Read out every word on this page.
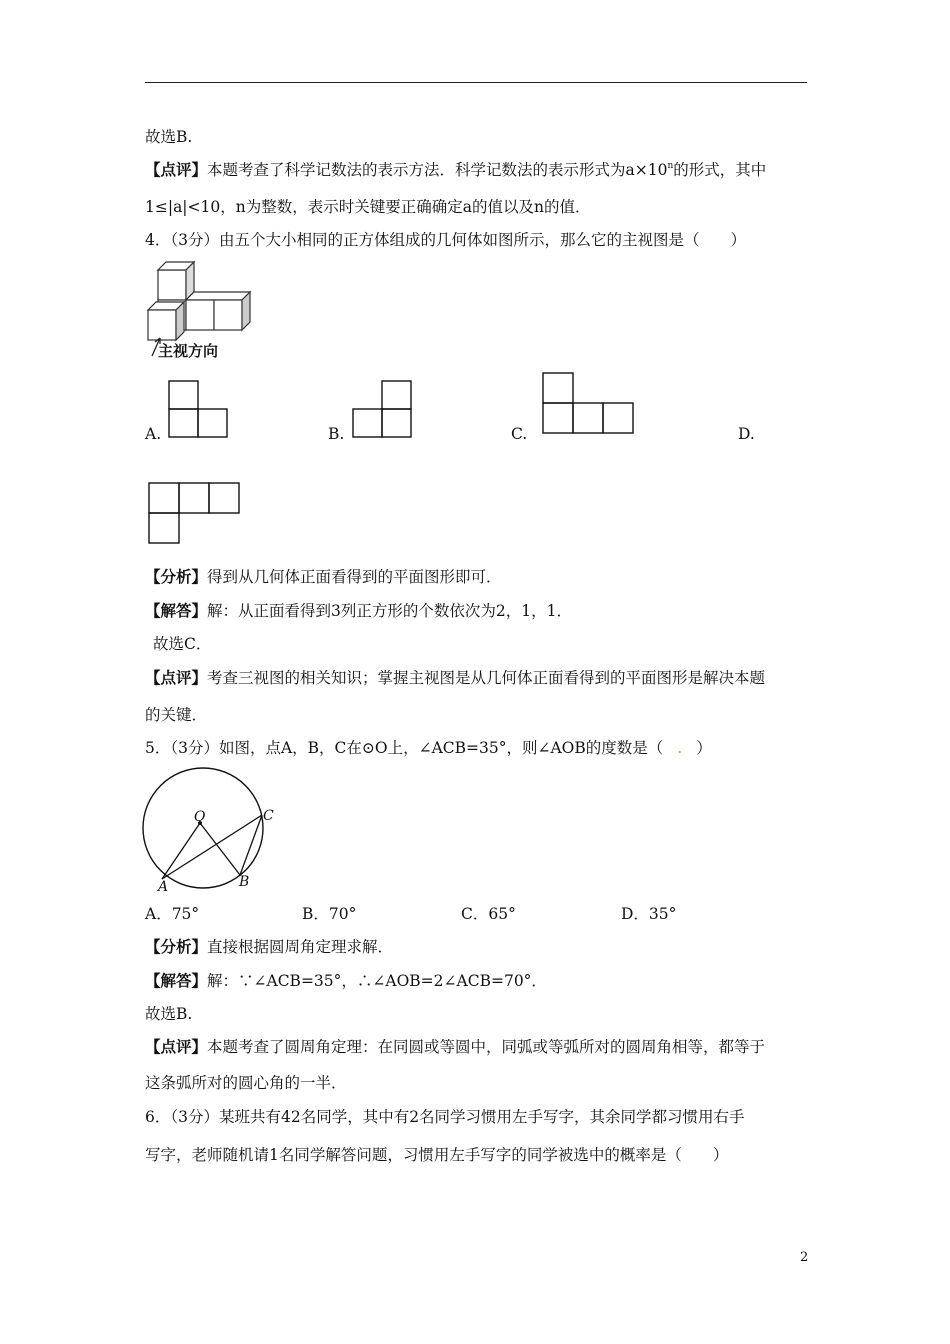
故选B.
【点评】本题考查了科学记数法的表示方法．科学记数法的表示形式为$a\times 10^n$的形式，其中
1≤|a|<10，n为整数，表示时关键要正确确定a的值以及n的值．
4．（3分）由五个大小相同的正方体组成的几何体如图所示，那么它的主视图是（　　）
主视方向
A.	B.	C.	D.
【分析】得到从几何体正面看得到的平面图形即可．
【解答】解：从正面看得到3列正方形的个数依次为2，1，1．
故选C．
【点评】考查三视图的相关知识；掌握主视图是从几何体正面看得到的平面图形是解决本题
的关键．
5．（3分）如图，点A，B，C在⊙O上，∠ACB=35°，则∠AOB的度数是（ . ）
O	C
A	B
A．75°	B．70°	C．65°	D．35°
【分析】直接根据圆周角定理求解．
【解答】解：∵∠ACB=35°，∴∠AOB=2∠ACB=70°．
故选B.
【点评】本题考查了圆周角定理：在同圆或等圆中，同弧或等弧所对的圆周角相等，都等于
这条弧所对的圆心角的一半．
6．（3分）某班共有42名同学，其中有2名同学习惯用左手写字，其余同学都习惯用右手
写字，老师随机请1名同学解答问题，习惯用左手写字的同学被选中的概率是（　　）
2
